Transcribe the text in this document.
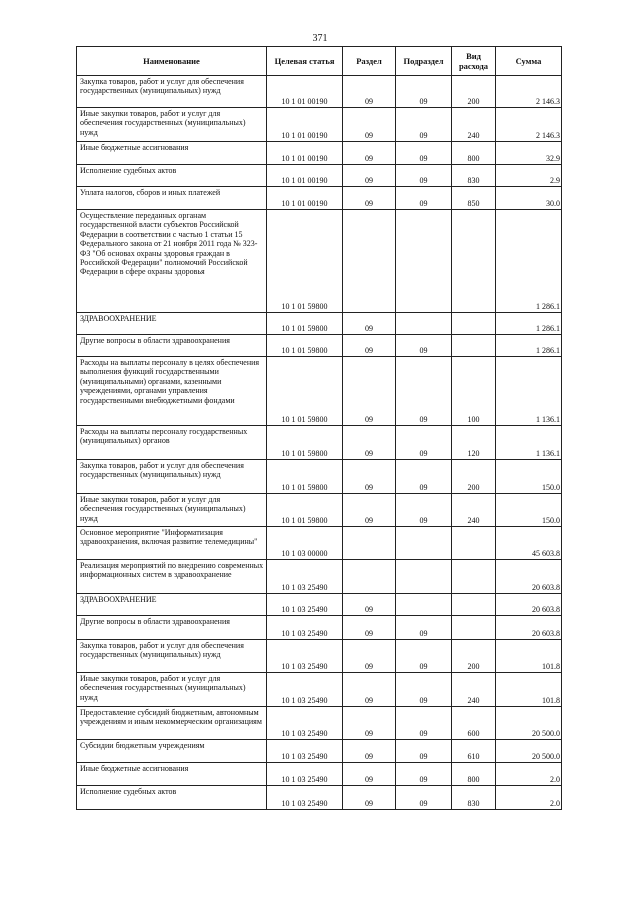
371
Наименование	Целевая статья	Раздел	Подраздел	Вид расхода	Сумма
Закупка товаров, работ и услуг для обеспечения государственных (муниципальных) нужд	10 1 01 00190	09	09	200	2 146.3
Иные закупки товаров, работ и услуг для обеспечения государственных (муниципальных) нужд	10 1 01 00190	09	09	240	2 146.3
Иные бюджетные ассигнования	10 1 01 00190	09	09	800	32.9
Исполнение судебных актов	10 1 01 00190	09	09	830	2.9
Уплата налогов, сборов и иных платежей	10 1 01 00190	09	09	850	30.0
Осуществление переданных органам государственной власти субъектов Российской Федерации в соответствии с частью 1 статьи 15 Федерального закона от 21 ноября 2011 года № 323-ФЗ "Об основах охраны здоровья граждан в Российской Федерации" полномочий Российской Федерации в сфере охраны здоровья	10 1 01 59800				1 286.1
ЗДРАВООХРАНЕНИЕ	10 1 01 59800	09			1 286.1
Другие вопросы в области здравоохранения	10 1 01 59800	09	09		1 286.1
Расходы на выплаты персоналу в целях обеспечения выполнения функций государственными (муниципальными) органами, казенными учреждениями, органами управления государственными внебюджетными фондами	10 1 01 59800	09	09	100	1 136.1
Расходы на выплаты персоналу государственных (муниципальных) органов	10 1 01 59800	09	09	120	1 136.1
Закупка товаров, работ и услуг для обеспечения государственных (муниципальных) нужд	10 1 01 59800	09	09	200	150.0
Иные закупки товаров, работ и услуг для обеспечения государственных (муниципальных) нужд	10 1 01 59800	09	09	240	150.0
Основное мероприятие "Информатизация здравоохранения, включая развитие телемедицины"	10 1 03 00000				45 603.8
Реализация мероприятий по внедрению современных информационных систем в здравоохранение	10 1 03 25490				20 603.8
ЗДРАВООХРАНЕНИЕ	10 1 03 25490	09			20 603.8
Другие вопросы в области здравоохранения	10 1 03 25490	09	09		20 603.8
Закупка товаров, работ и услуг для обеспечения государственных (муниципальных) нужд	10 1 03 25490	09	09	200	101.8
Иные закупки товаров, работ и услуг для обеспечения государственных (муниципальных) нужд	10 1 03 25490	09	09	240	101.8
Предоставление субсидий бюджетным, автономным учреждениям и иным некоммерческим организациям	10 1 03 25490	09	09	600	20 500.0
Субсидии бюджетным учреждениям	10 1 03 25490	09	09	610	20 500.0
Иные бюджетные ассигнования	10 1 03 25490	09	09	800	2.0
Исполнение судебных актов	10 1 03 25490	09	09	830	2.0
